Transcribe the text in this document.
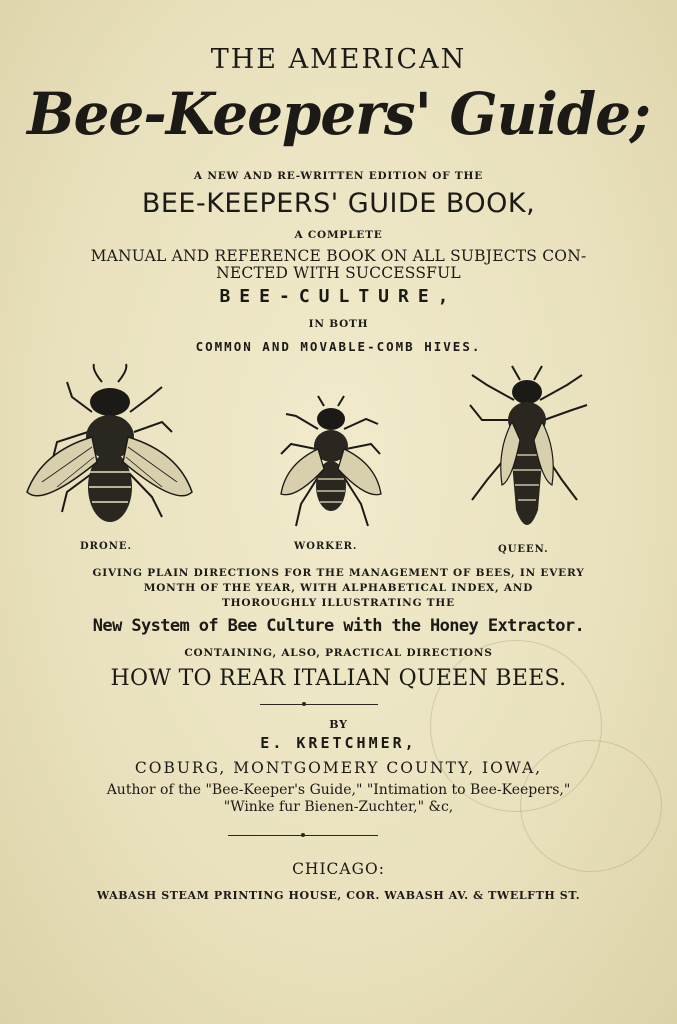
THE AMERICAN
Bee-Keepers' Guide;
A NEW AND RE-WRITTEN EDITION OF THE
BEE-KEEPERS' GUIDE BOOK,
A COMPLETE
MANUAL AND REFERENCE BOOK ON ALL SUBJECTS CON-
NECTED WITH SUCCESSFUL
BEE-CULTURE,
IN BOTH
COMMON AND MOVABLE-COMB HIVES.
DRONE.	WORKER.	QUEEN.
GIVING PLAIN DIRECTIONS FOR THE MANAGEMENT OF BEES, IN EVERY
MONTH OF THE YEAR, WITH ALPHABETICAL INDEX, AND
THOROUGHLY ILLUSTRATING THE
New System of Bee Culture with the Honey Extractor.
CONTAINING, ALSO, PRACTICAL DIRECTIONS
HOW TO REAR ITALIAN QUEEN BEES.
BY
E. KRETCHMER,
COBURG, MONTGOMERY COUNTY, IOWA,
Author of the "Bee-Keeper's Guide," "Intimation to Bee-Keepers,"
"Winke fur Bienen-Zuchter," &c,
CHICAGO:
WABASH STEAM PRINTING HOUSE, COR. WABASH AV. & TWELFTH ST.
